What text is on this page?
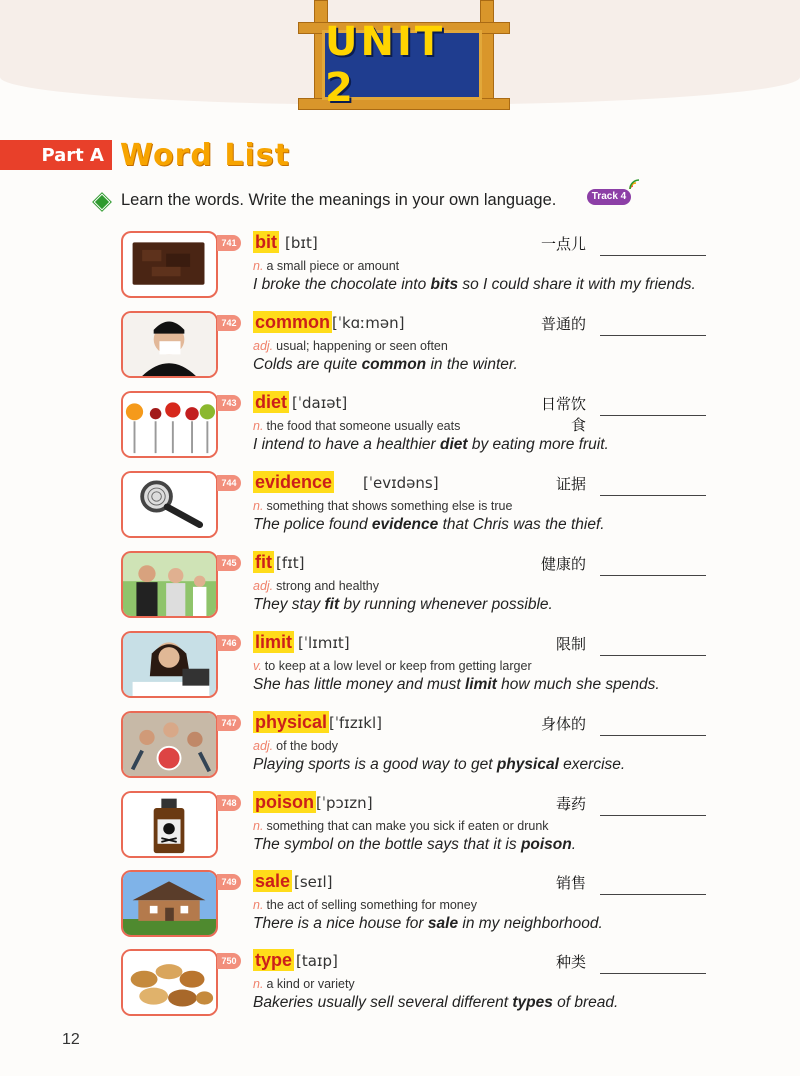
UNIT 2
Part A Word List
Learn the words. Write the meanings in your own language.	Track 4
741 bit [bɪt]	一点儿
n. a small piece or amount
I broke the chocolate into bits so I could share it with my friends.
742 common [ˈkɑːmən]	普通的
adj. usual; happening or seen often
Colds are quite common in the winter.
743 diet [ˈdaɪət]	日常饮食
n. the food that someone usually eats
I intend to have a healthier diet by eating more fruit.
744 evidence [ˈevɪdəns]	证据
n. something that shows something else is true
The police found evidence that Chris was the thief.
745 fit [fɪt]	健康的
adj. strong and healthy
They stay fit by running whenever possible.
746 limit [ˈlɪmɪt]	限制
v. to keep at a low level or keep from getting larger
She has little money and must limit how much she spends.
747 physical [ˈfɪzɪkl]	身体的
adj. of the body
Playing sports is a good way to get physical exercise.
748 poison [ˈpɔɪzn]	毒药
n. something that can make you sick if eaten or drunk
The symbol on the bottle says that it is poison.
749 sale [seɪl]	销售
n. the act of selling something for money
There is a nice house for sale in my neighborhood.
750 type [taɪp]	种类
n. a kind or variety
Bakeries usually sell several different types of bread.
12
